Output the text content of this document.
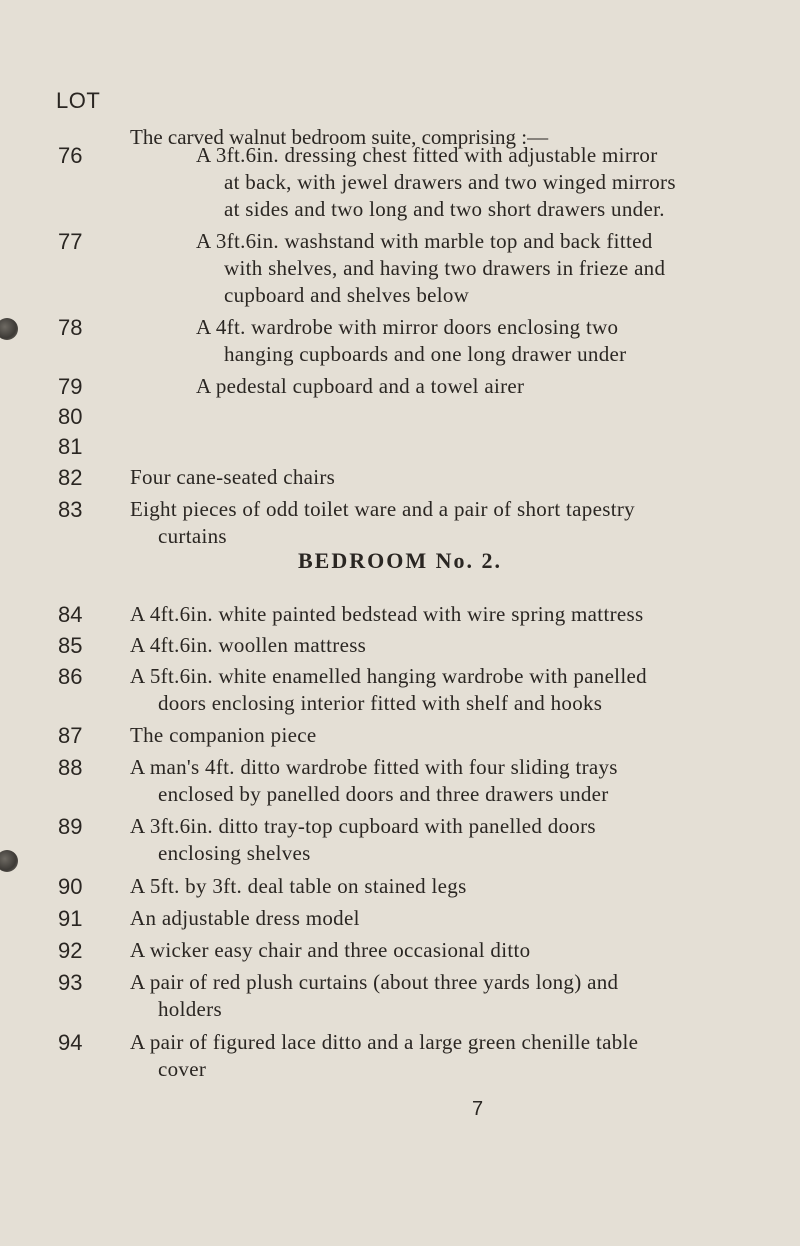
LOT
The carved walnut bedroom suite, comprising :—
BEDROOM No. 2.
76	A 3ft.6in. dressing chest fitted with adjustable mirror
at back, with jewel drawers and two winged mirrors
at sides and two long and two short drawers under.
77	A 3ft.6in. washstand with marble top and back fitted
with shelves, and having two drawers in frieze and
cupboard and shelves below
78	A 4ft. wardrobe with mirror doors enclosing two
hanging cupboards and one long drawer under
79	A pedestal cupboard and a towel airer
80
81
82 Four cane-seated chairs
83 Eight pieces of odd toilet ware and a pair of short tapestry
curtains
84 A 4ft.6in. white painted bedstead with wire spring mattress
85 A 4ft.6in. woollen mattress
86 A 5ft.6in. white enamelled hanging wardrobe with panelled
doors enclosing interior fitted with shelf and hooks
87 The companion piece
88 A man's 4ft. ditto wardrobe fitted with four sliding trays
enclosed by panelled doors and three drawers under
89 A 3ft.6in. ditto tray-top cupboard with panelled doors
enclosing shelves
90 A 5ft. by 3ft. deal table on stained legs
91 An adjustable dress model
92 A wicker easy chair and three occasional ditto
93 A pair of red plush curtains (about three yards long) and
holders
94 A pair of figured lace ditto and a large green chenille table
cover
7
